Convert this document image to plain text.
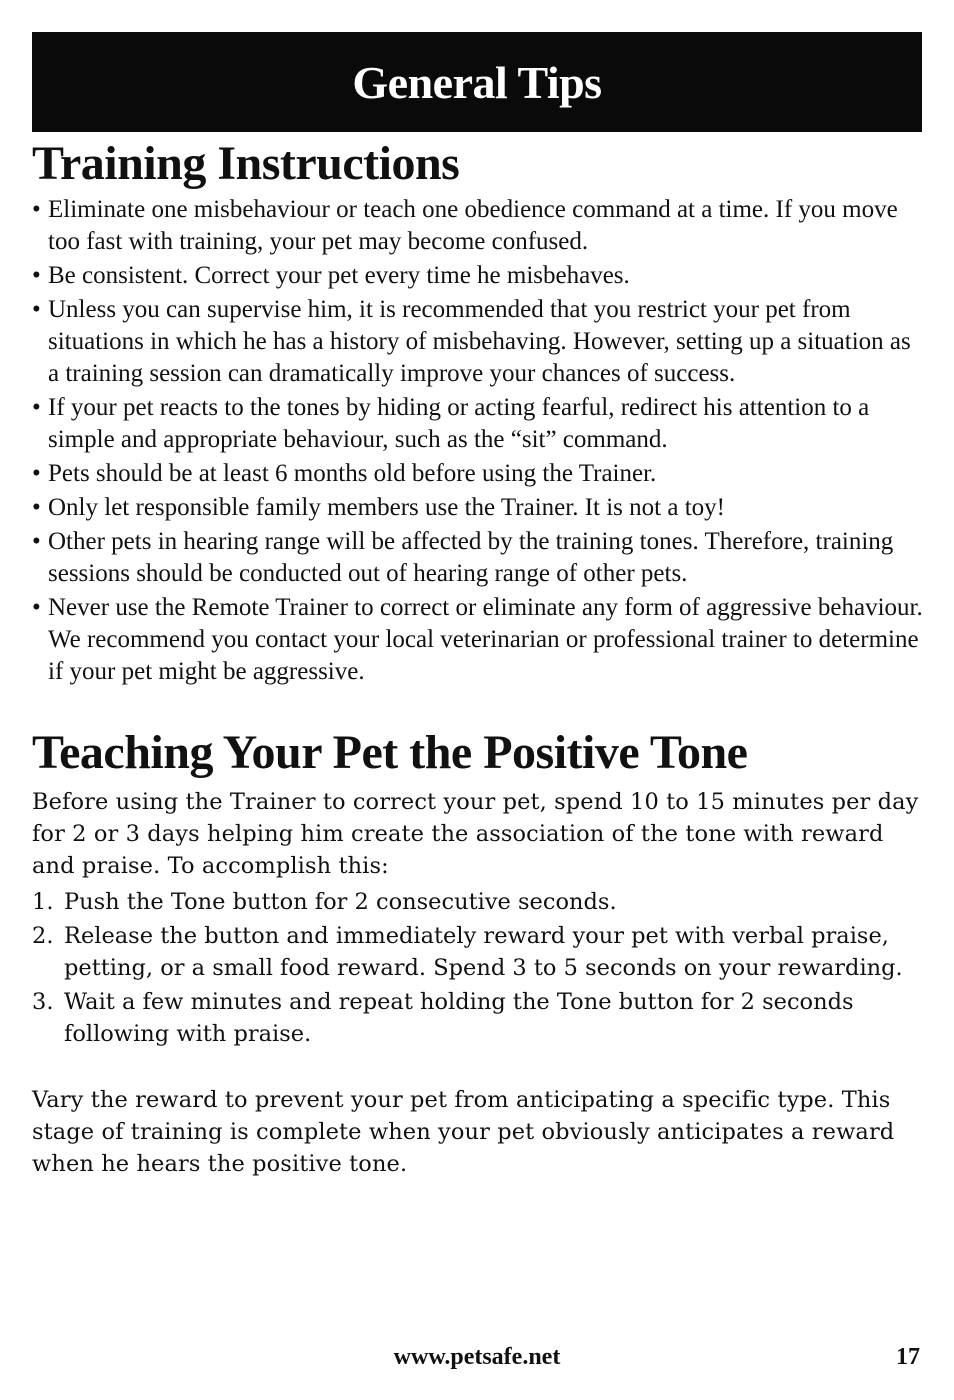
General Tips
Training Instructions
• Eliminate one misbehaviour or teach one obedience command at a time. If you move too fast with training, your pet may become confused.
• Be consistent. Correct your pet every time he misbehaves.
• Unless you can supervise him, it is recommended that you restrict your pet from situations in which he has a history of misbehaving. However, setting up a situation as a training session can dramatically improve your chances of success.
• If your pet reacts to the tones by hiding or acting fearful, redirect his attention to a simple and appropriate behaviour, such as the “sit” command.
• Pets should be at least 6 months old before using the Trainer.
• Only let responsible family members use the Trainer. It is not a toy!
• Other pets in hearing range will be affected by the training tones. Therefore, training sessions should be conducted out of hearing range of other pets.
• Never use the Remote Trainer to correct or eliminate any form of aggressive behaviour. We recommend you contact your local veterinarian or professional trainer to determine if your pet might be aggressive.
Teaching Your Pet the Positive Tone

Before using the Trainer to correct your pet, spend 10 to 15 minutes per day for 2 or 3 days helping him create the association of the tone with reward and praise. To accomplish this:

1. Push the Tone button for 2 consecutive seconds.
2. Release the button and immediately reward your pet with verbal praise, petting, or a small food reward. Spend 3 to 5 seconds on your rewarding.
3. Wait a few minutes and repeat holding the Tone button for 2 seconds following with praise.

Vary the reward to prevent your pet from anticipating a specific type. This stage of training is complete when your pet obviously anticipates a reward when he hears the positive tone.

www.petsafe.net	17
